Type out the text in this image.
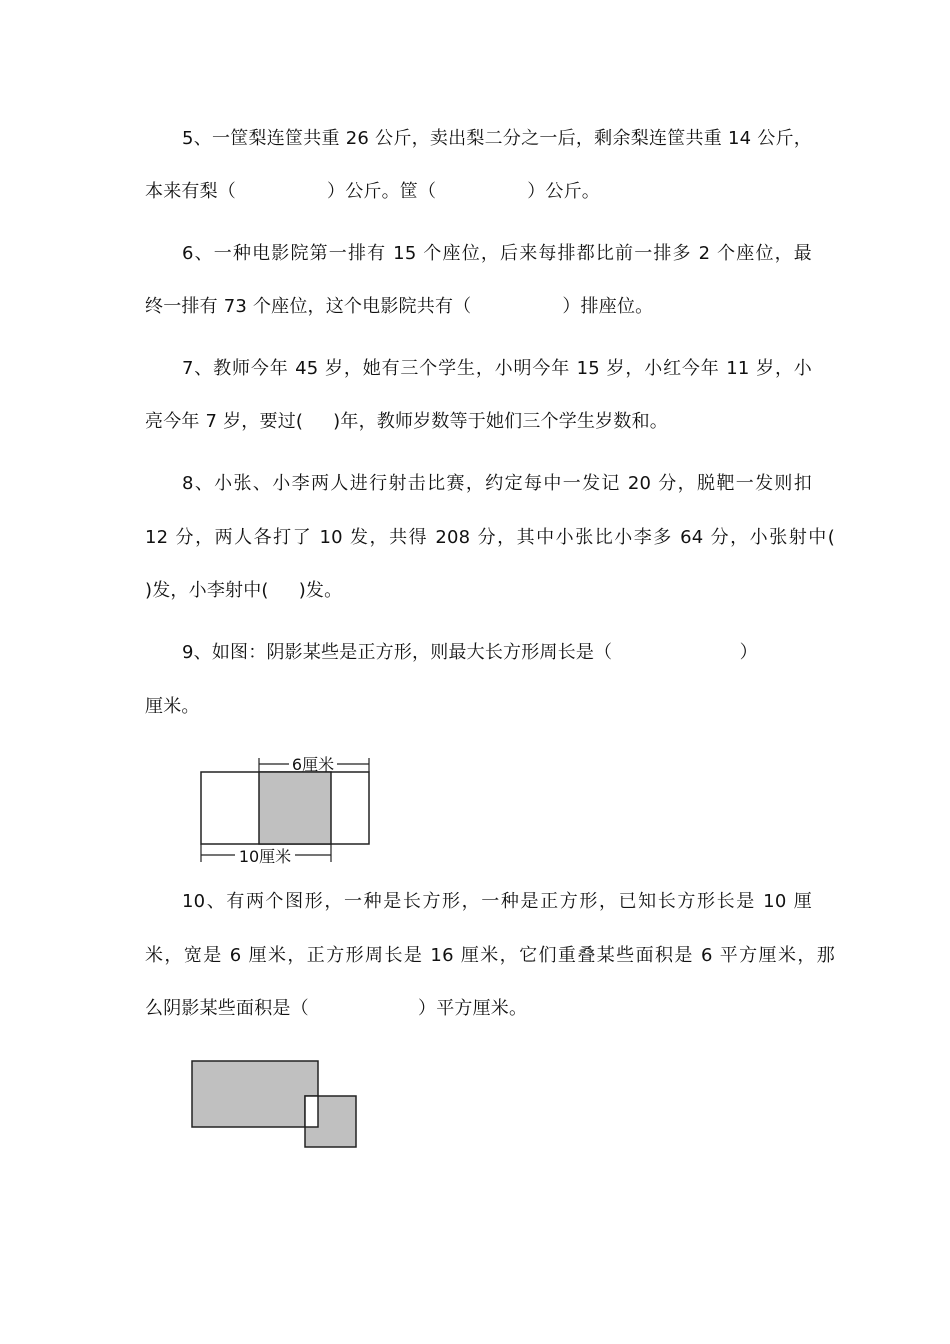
5、一筐梨连筐共重 26 公斤，卖出梨二分之一后，剩余梨连筐共重 14 公斤，
本来有梨（　　　　　）公斤。筐（　　　　　）公斤。
6、一种电影院第一排有 15 个座位，后来每排都比前一排多 2 个座位，最
终一排有 73 个座位，这个电影院共有（　　　　　）排座位。
7、教师今年 45 岁，她有三个学生，小明今年 15 岁，小红今年 11 岁，小
亮今年 7 岁，要过(　  )年，教师岁数等于她们三个学生岁数和。
8、小张、小李两人进行射击比赛，约定每中一发记 20 分，脱靶一发则扣
12 分，两人各打了 10 发，共得 208 分，其中小张比小李多 64 分，小张射中(
)发，小李射中(　  )发。
9、如图：阴影某些是正方形，则最大长方形周长是（　　　　　　　）
厘米。
6厘米
10厘米
10、有两个图形，一种是长方形，一种是正方形，已知长方形长是 10 厘
米，宽是 6 厘米，正方形周长是 16 厘米，它们重叠某些面积是 6 平方厘米，那
么阴影某些面积是（　　　　　　）平方厘米。
